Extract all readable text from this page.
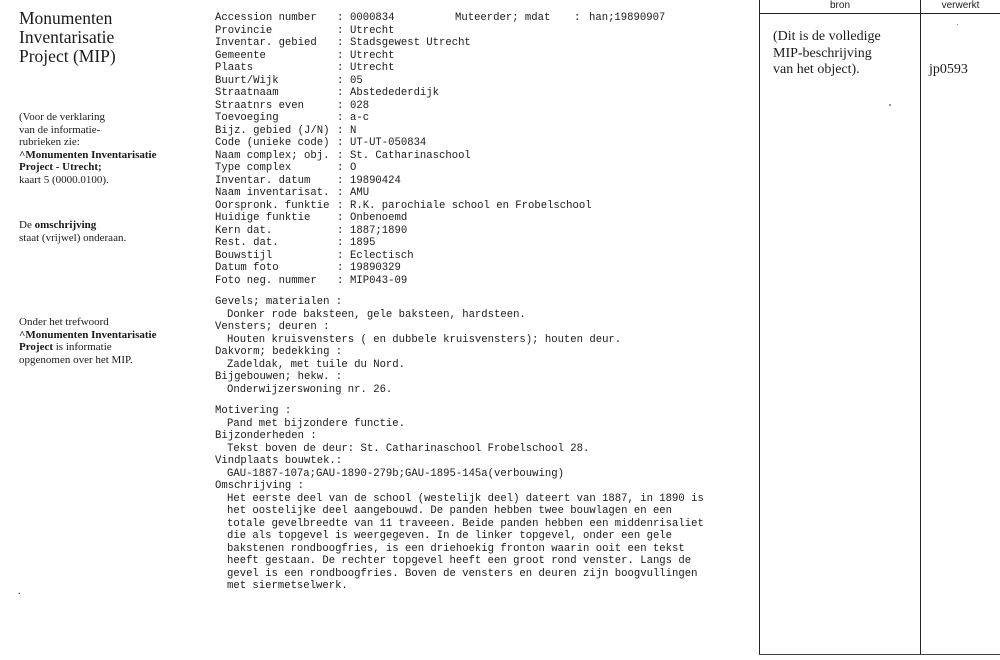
Monumenten
Inventarisatie
Project (MIP)
(Voor de verklaring
van de informatie-
rubrieken zie:
^Monumenten Inventarisatie
Project - Utrecht;
kaart 5 (0000.0100).
De omschrijving
staat (vrijwel) onderaan.
Onder het trefwoord
^Monumenten Inventarisatie
Project is informatie
opgenomen over het MIP.
.
Accession number : 0000834	Muteerder; mdat : han;19890907
Provincie	: Utrecht
Inventar. gebied : Stadsgewest Utrecht
Gemeente	: Utrecht
Plaats	: Utrecht
Buurt/Wijk	: 05
Straatnaam	: Abstedederdijk
Straatnrs even	: 028
Toevoeging	: a-c
Bijz. gebied (J/N) : N
Code (unieke code) : UT-UT-050834
Naam complex; obj. : St. Catharinaschool
Type complex	: O
Inventar. datum	: 19890424
Naam inventarisat. : AMU
Oorspronk. funktie : R.K. parochiale school en Frobelschool
Huidige funktie	: Onbenoemd
Kern dat.	: 1887;1890
Rest. dat.	: 1895
Bouwstijl	: Eclectisch
Datum foto	: 19890329
Foto neg. nummer : MIP043-09
Gevels; materialen :
Donker rode baksteen, gele baksteen, hardsteen.
Vensters; deuren :
Houten kruisvensters ( en dubbele kruisvensters); houten deur.
Dakvorm; bedekking :
Zadeldak, met tuile du Nord.
Bijgebouwen; hekw. :
Onderwijzerswoning nr. 26.
Motivering :
Pand met bijzondere functie.
Bijzonderheden :
Tekst boven de deur: St. Catharinaschool Frobelschool 28.
Vindplaats bouwtek.:
GAU-1887-107a;GAU-1890-279b;GAU-1895-145a(verbouwing)
Omschrijving :
Het eerste deel van de school (westelijk deel) dateert van 1887, in 1890 is
het oostelijke deel aangebouwd. De panden hebben twee bouwlagen en een
totale gevelbreedte van 11 traveeen. Beide panden hebben een middenrisaliet
die als topgevel is weergegeven. In de linker topgevel, onder een gele
bakstenen rondboogfries, is een driehoekig fronton waarin ooit een tekst
heeft gestaan. De rechter topgevel heeft een groot rond venster. Langs de
gevel is een rondboogfries. Boven de vensters en deuren zijn boogvullingen
met siermetselwerk.
bron	verwerkt
(Dit is de volledige
MIP-beschrijving
van het object).	jp0593
